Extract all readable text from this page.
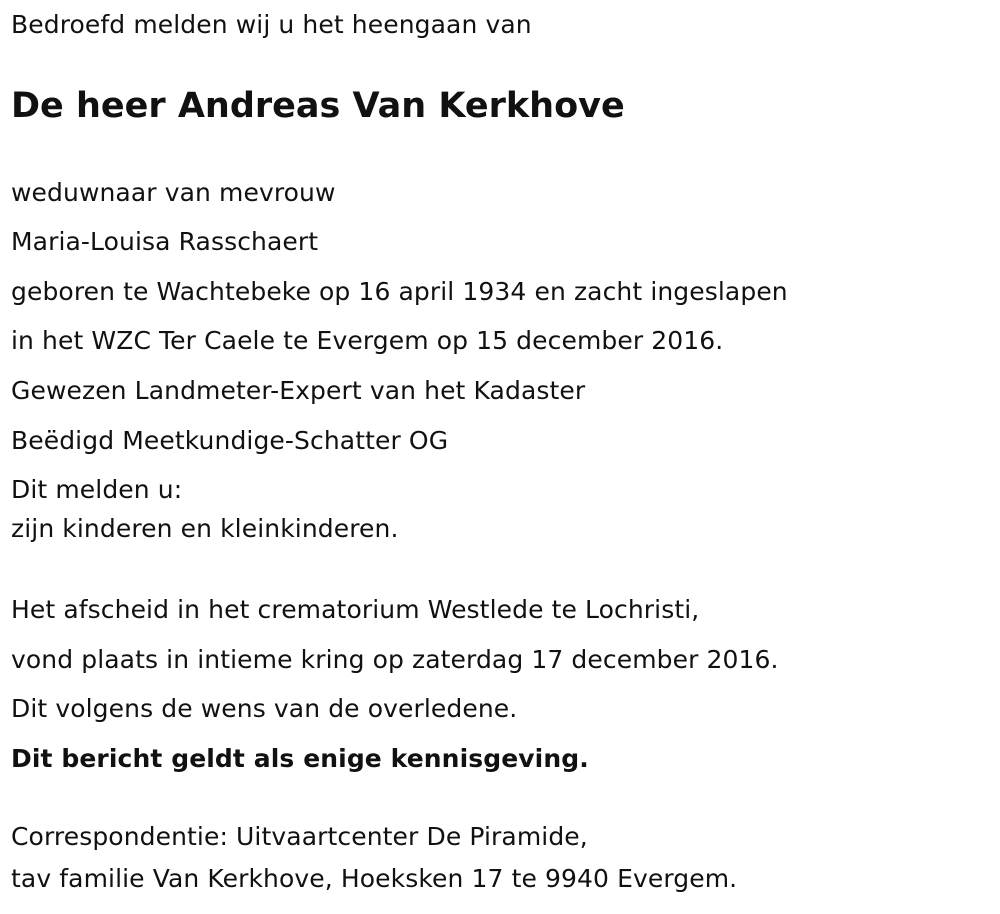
Bedroefd melden wij u het heengaan van
De heer Andreas Van Kerkhove
weduwnaar van mevrouw
Maria-Louisa Rasschaert
geboren te Wachtebeke op 16 april 1934 en zacht ingeslapen
in het WZC Ter Caele te Evergem op 15 december 2016.
Gewezen Landmeter-Expert van het Kadaster
Beëdigd Meetkundige-Schatter OG
Dit melden u:
zijn kinderen en kleinkinderen.
Het afscheid in het crematorium Westlede te Lochristi,
vond plaats in intieme kring op zaterdag 17 december 2016.
Dit volgens de wens van de overledene.
Dit bericht geldt als enige kennisgeving.
Correspondentie: Uitvaartcenter De Piramide,
tav familie Van Kerkhove, Hoeksken 17 te 9940 Evergem.
